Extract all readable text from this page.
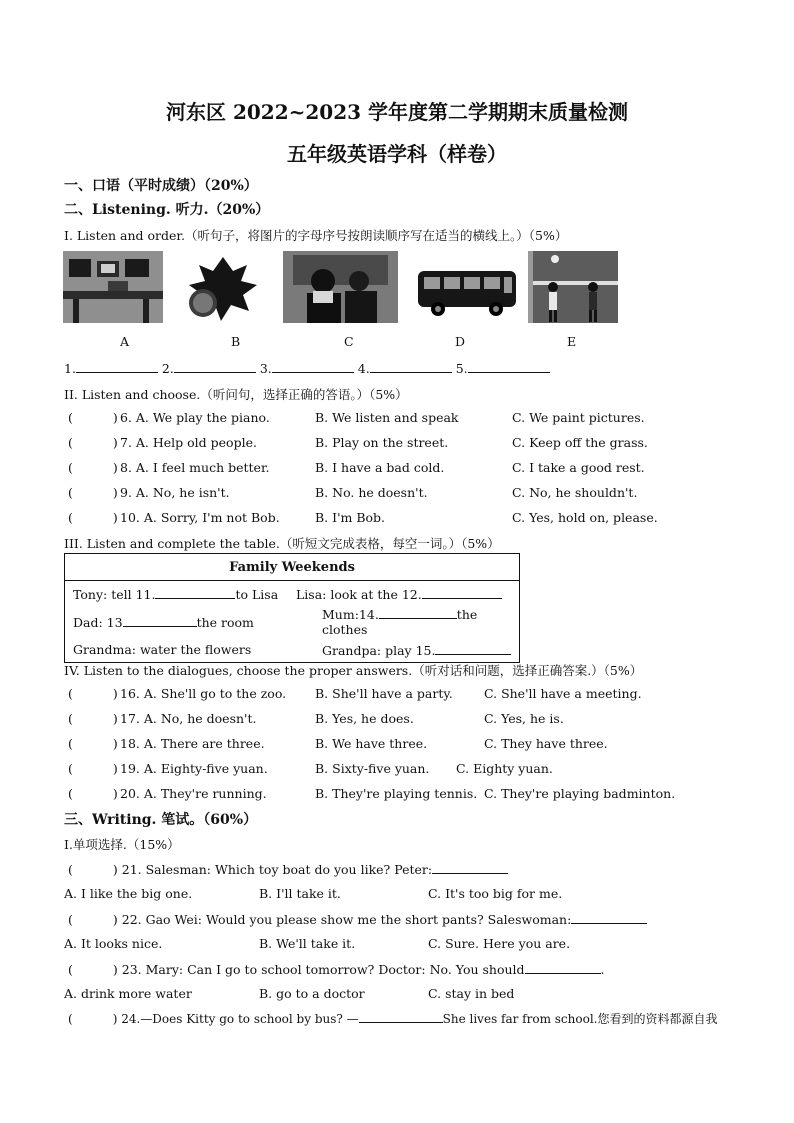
河东区 2022~2023 学年度第二学期期末质量检测
五年级英语学科（样卷）
一、口语（平时成绩）（20%）
二、Listening. 听力.（20%）
I. Listen and order.（听句子，将图片的字母序号按朗读顺序写在适当的横线上。）（5%）
A	B	C	D	E
1.	2.	3.	4.	5.
II. Listen and choose.（听问句，选择正确的答语。）（5%）
(	) 6. A. We play the piano.	B. We listen and speak	C. We paint pictures.
(	) 7. A. Help old people.	B. Play on the street.	C. Keep off the grass.
(	) 8. A. I feel much better.	B. I have a bad cold.	C. I take a good rest.
(	) 9. A. No, he isn't.	B. No. he doesn't.	C. No, he shouldn't.
(	) 10. A. Sorry, I'm not Bob.	B. I'm Bob.	C. Yes, hold on, please.
III. Listen and complete the table.（听短文完成表格，每空一词。）（5%）
Family Weekends	
Tony: tell 11. to Lisa	Lisa: look at the 12.
Dad: 13 the room	Mum:14. the clothes
Grandma: water the flowers	Grandpa: play 15.
IV. Listen to the dialogues, choose the proper answers.（听对话和问题，选择正确答案.）（5%）
(	) 16. A. She'll go to the zoo. B. She'll have a party.	C. She'll have a meeting.
(	) 17. A. No, he doesn't.	B. Yes, he does.	C. Yes, he is.
(	) 18. A. There are three.	B. We have three.	C. They have three.
(	) 19. A. Eighty-five yuan.	B. Sixty-five yuan. C. Eighty yuan.
(	) 20. A. They're running.	B. They're playing tennis. C. They're playing badminton.
三、Writing. 笔试。（60%）
I.单项选择.（15%）
(	) 21. Salesman: Which toy boat do you like? Peter:
A. I like the big one.	B. I'll take it.	C. It's too big for me.
(	) 22. Gao Wei: Would you please show me the short pants? Saleswoman:
A. It looks nice.	B. We'll take it.	C. Sure. Here you are.
(	) 23. Mary: Can I go to school tomorrow? Doctor: No. You should	.
A. drink more water	B. go to a doctor	C. stay in bed
(	) 24.—Does Kitty go to school by bus? —	She lives far from school.您看到的资料都源自我
